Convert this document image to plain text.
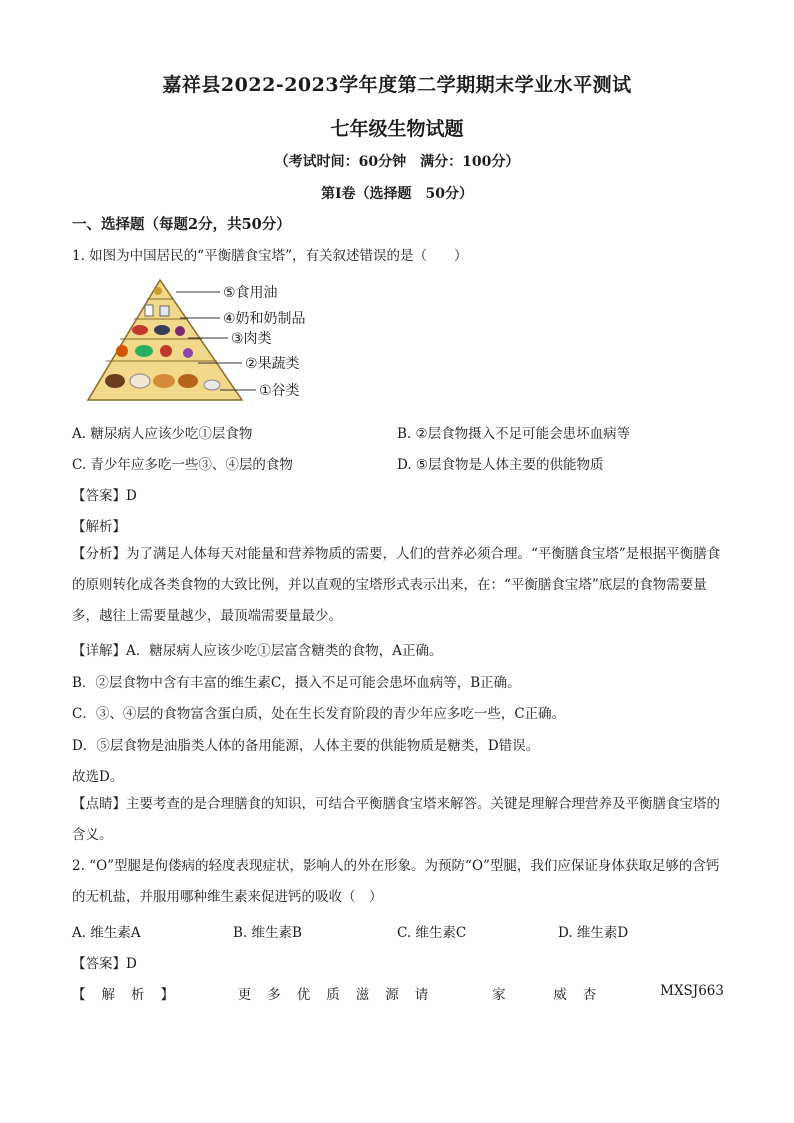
嘉祥县2022-2023学年度第二学期期末学业水平测试
七年级生物试题
（考试时间：60分钟　满分：100分）
第Ⅰ卷（选择题　50分）
一、选择题（每题2分，共50分）
1. 如图为中国居民的“平衡膳食宝塔”，有关叙述错误的是（　　）
⑤食用油
④奶和奶制品
③肉类
②果蔬类
①谷类
A. 糖尿病人应该少吃①层食物	B. ②层食物摄入不足可能会患坏血病等
C. 青少年应多吃一些③、④层的食物	D. ⑤层食物是人体主要的供能物质
【答案】D
【解析】
【分析】为了满足人体每天对能量和营养物质的需要，人们的营养必须合理。“平衡膳食宝塔”是根据平衡膳食的原则转化成各类食物的大致比例，并以直观的宝塔形式表示出来，在：“平衡膳食宝塔”底层的食物需要量多，越往上需要量越少，最顶端需要量最少。
【详解】A．糖尿病人应该少吃①层富含糖类的食物，A正确。
B．②层食物中含有丰富的维生素C，摄入不足可能会患坏血病等，B正确。
C．③、④层的食物富含蛋白质，处在生长发育阶段的青少年应多吃一些，C正确。
D．⑤层食物是油脂类人体的备用能源，人体主要的供能物质是糖类，D错误。
故选D。
【点睛】主要考查的是合理膳食的知识，可结合平衡膳食宝塔来解答。关键是理解合理营养及平衡膳食宝塔的含义。
2. “O”型腿是佝偻病的轻度表现症状，影响人的外在形象。为预防“O”型腿，我们应保证身体获取足够的含钙的无机盐，并服用哪种维生素来促进钙的吸收（　）
A. 维生素A	B. 维生素B	C. 维生素C	D. 维生素D
【答案】D
【解析】	更多优质滋源请	家	威杏	MXSJ663
